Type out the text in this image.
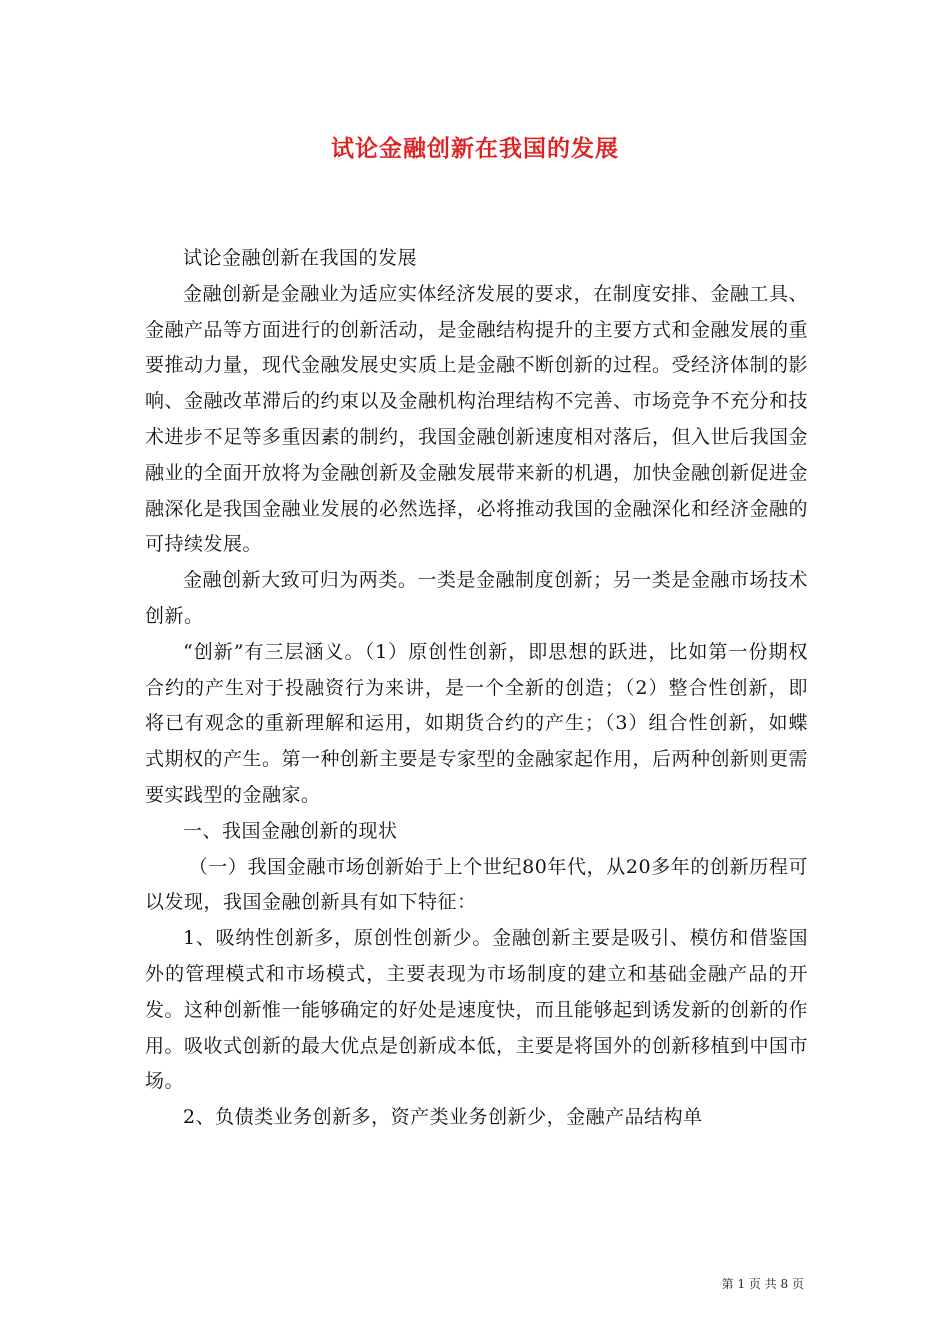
试论金融创新在我国的发展

试论金融创新在我国的发展

金融创新是金融业为适应实体经济发展的要求，在制度安排、金融工具、金融产品等方面进行的创新活动，是金融结构提升的主要方式和金融发展的重要推动力量，现代金融发展史实质上是金融不断创新的过程。受经济体制的影响、金融改革滞后的约束以及金融机构治理结构不完善、市场竞争不充分和技术进步不足等多重因素的制约，我国金融创新速度相对落后，但入世后我国金融业的全面开放将为金融创新及金融发展带来新的机遇，加快金融创新促进金融深化是我国金融业发展的必然选择，必将推动我国的金融深化和经济金融的可持续发展。

金融创新大致可归为两类。一类是金融制度创新；另一类是金融市场技术创新。

“创新”有三层涵义。（1）原创性创新，即思想的跃进，比如第一份期权合约的产生对于投融资行为来讲，是一个全新的创造；（2）整合性创新，即将已有观念的重新理解和运用，如期货合约的产生；（3）组合性创新，如蝶式期权的产生。第一种创新主要是专家型的金融家起作用，后两种创新则更需要实践型的金融家。

一、我国金融创新的现状

（一）我国金融市场创新始于上个世纪80年代，从20多年的创新历程可以发现，我国金融创新具有如下特征：

1、吸纳性创新多，原创性创新少。金融创新主要是吸引、模仿和借鉴国外的管理模式和市场模式，主要表现为市场制度的建立和基础金融产品的开发。这种创新惟一能够确定的好处是速度快，而且能够起到诱发新的创新的作用。吸收式创新的最大优点是创新成本低，主要是将国外的创新移植到中国市场。

2、负债类业务创新多，资产类业务创新少，金融产品结构单

第 1 页 共 8 页
